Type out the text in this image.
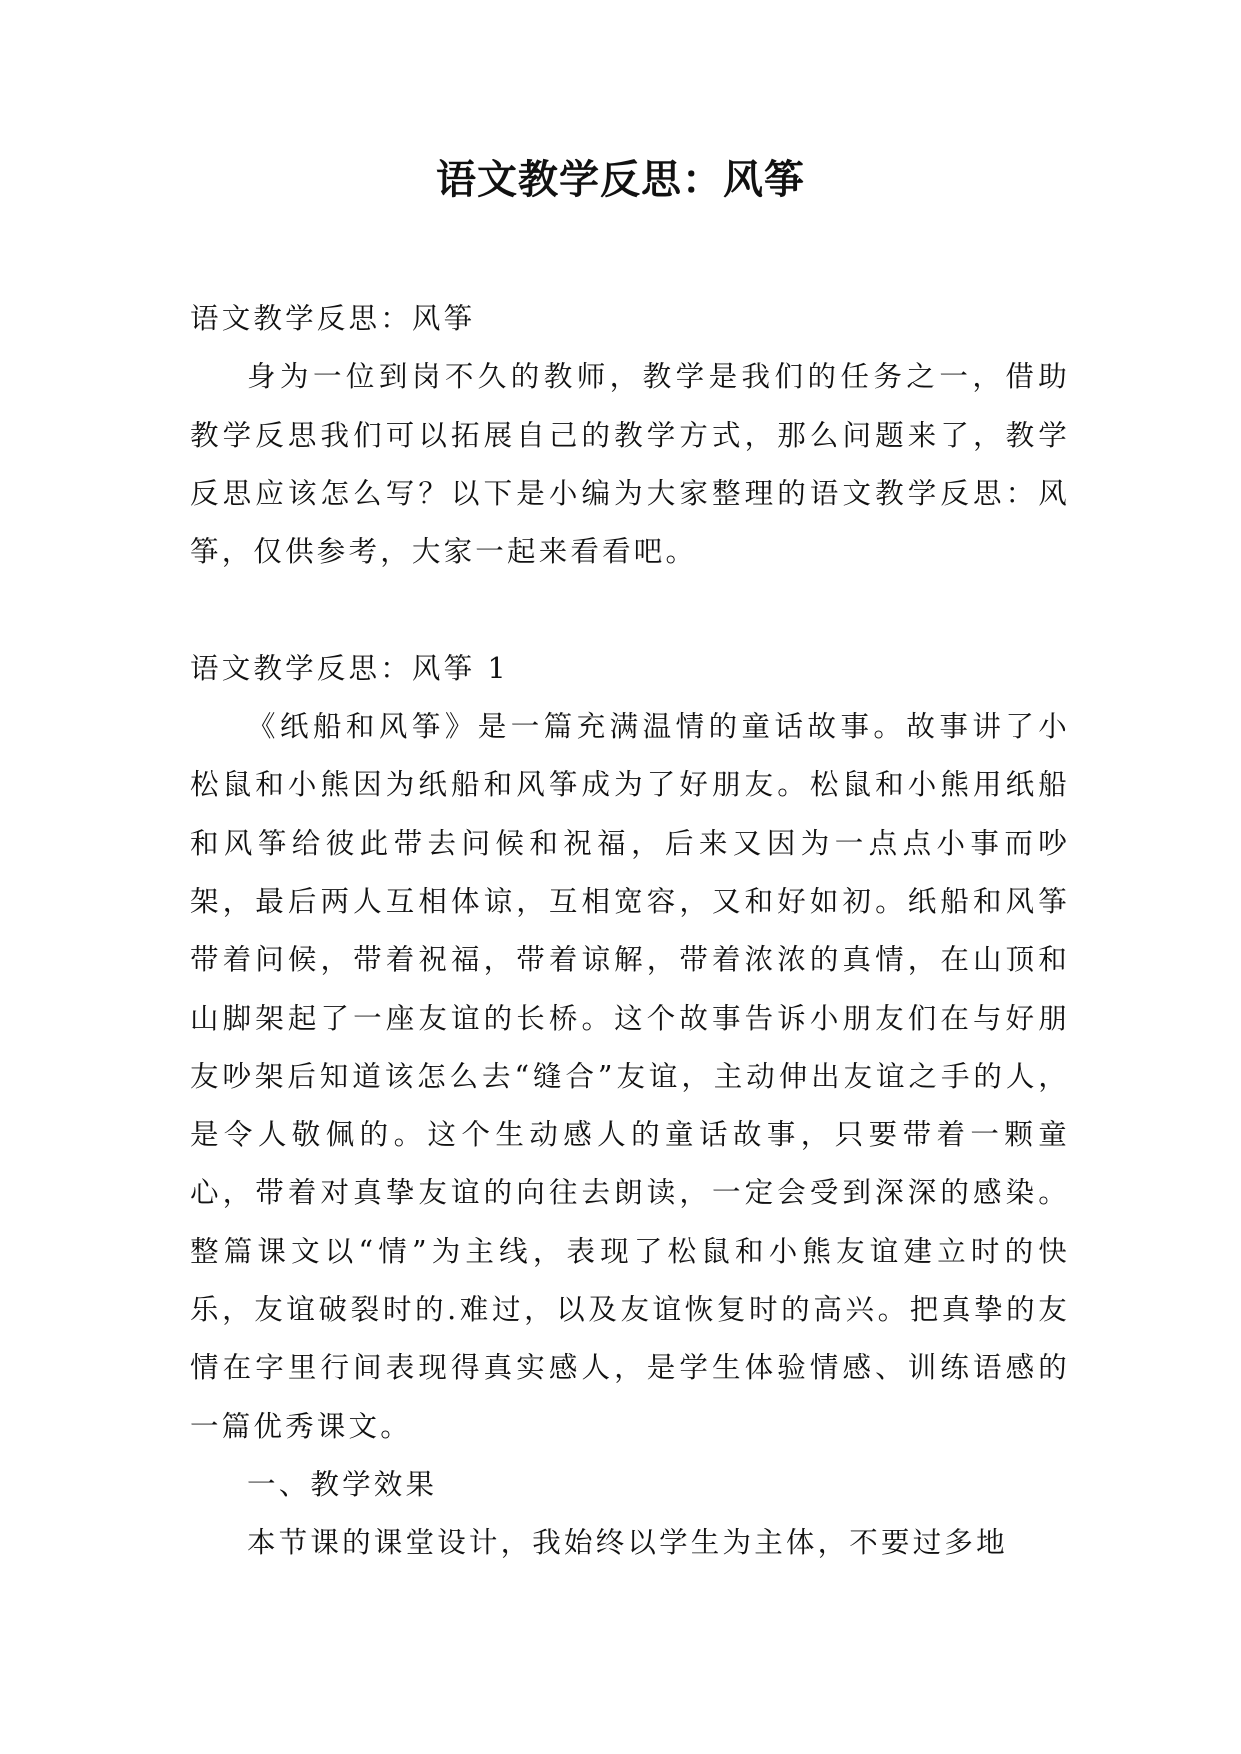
语文教学反思：风筝

语文教学反思：风筝

身为一位到岗不久的教师，教学是我们的任务之一，借助教学反思我们可以拓展自己的教学方式，那么问题来了，教学反思应该怎么写？以下是小编为大家整理的语文教学反思：风筝，仅供参考，大家一起来看看吧。

语文教学反思：风筝 1

《纸船和风筝》是一篇充满温情的童话故事。故事讲了小松鼠和小熊因为纸船和风筝成为了好朋友。松鼠和小熊用纸船和风筝给彼此带去问候和祝福，后来又因为一点点小事而吵架，最后两人互相体谅，互相宽容，又和好如初。纸船和风筝带着问候，带着祝福，带着谅解，带着浓浓的真情，在山顶和山脚架起了一座友谊的长桥。这个故事告诉小朋友们在与好朋友吵架后知道该怎么去“缝合”友谊，主动伸出友谊之手的人，是令人敬佩的。这个生动感人的童话故事，只要带着一颗童心，带着对真挚友谊的向往去朗读，一定会受到深深的感染。整篇课文以“情”为主线，表现了松鼠和小熊友谊建立时的快乐，友谊破裂时的.难过，以及友谊恢复时的高兴。把真挚的友情在字里行间表现得真实感人，是学生体验情感、训练语感的一篇优秀课文。

一、教学效果

本节课的课堂设计，我始终以学生为主体，不要过多地
